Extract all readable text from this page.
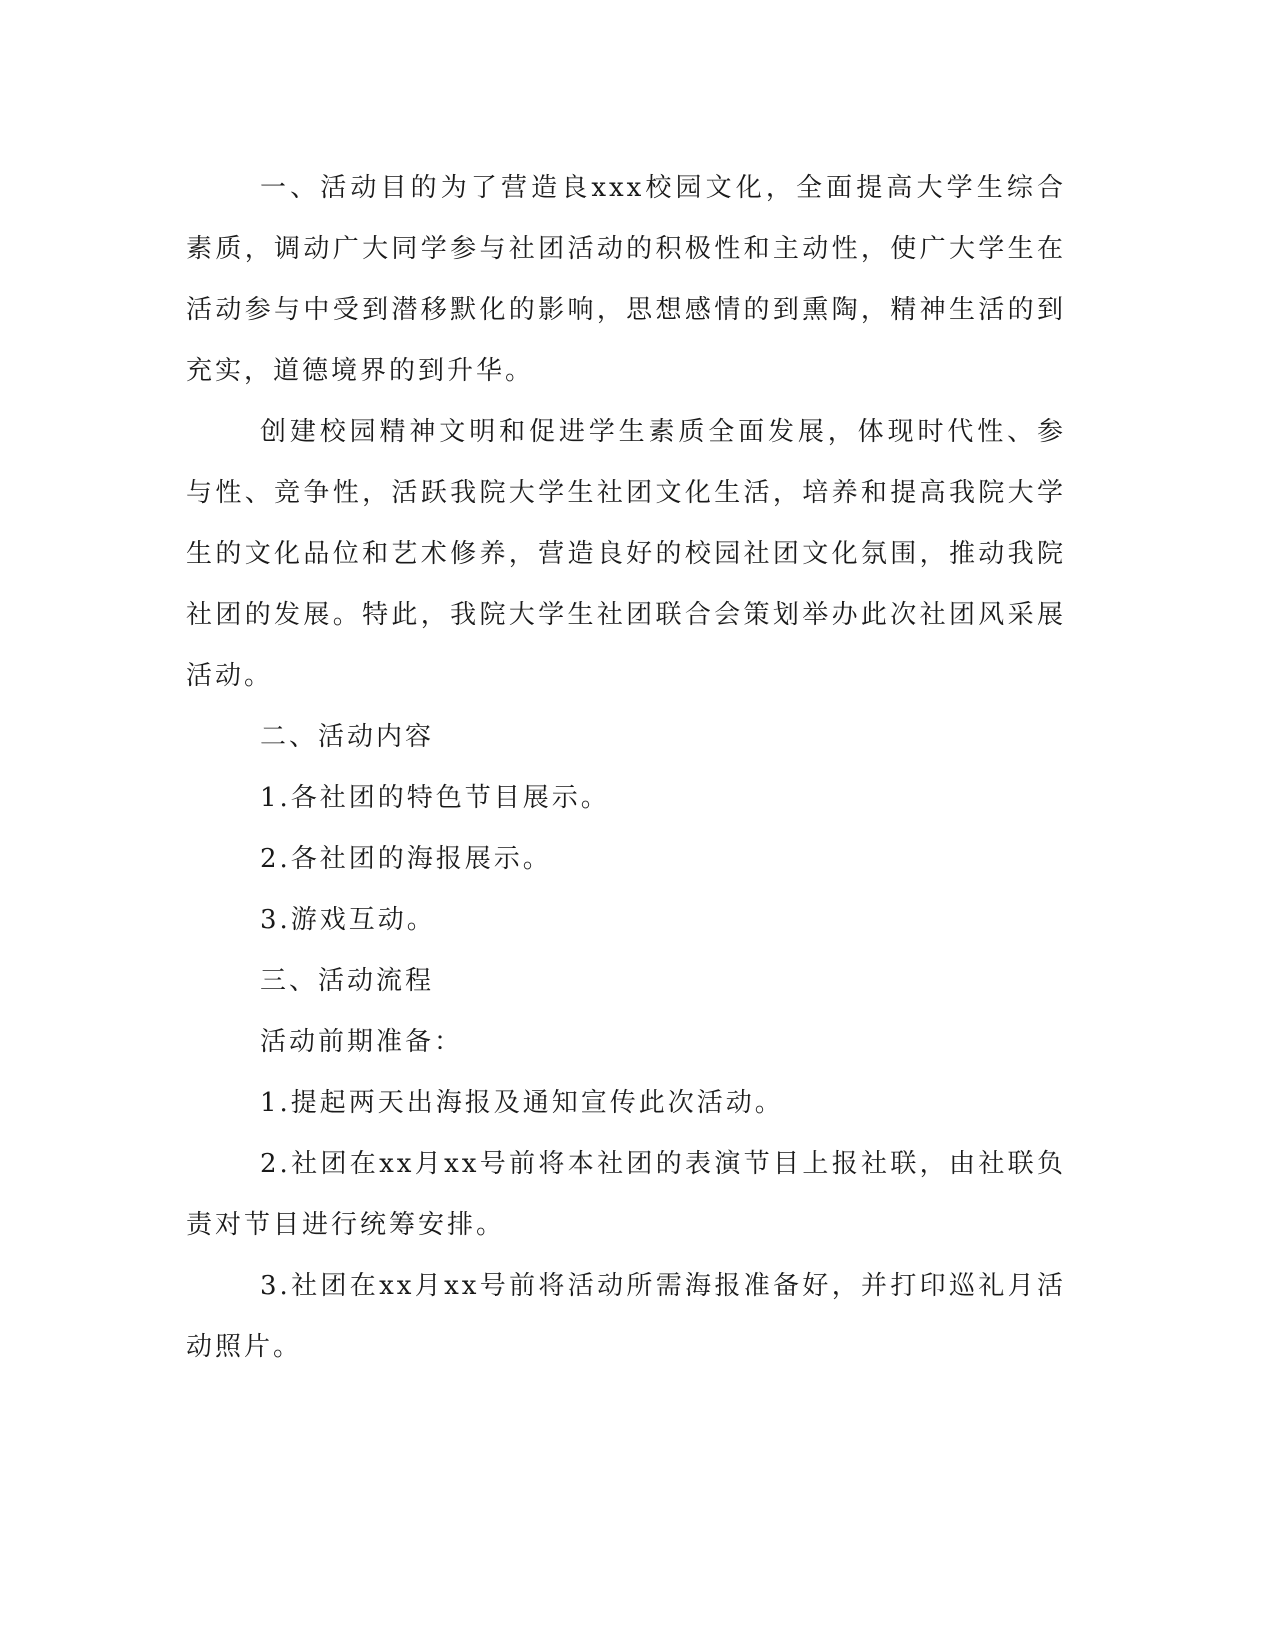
一、活动目的为了营造良xxx校园文化，全面提高大学生综合素质，调动广大同学参与社团活动的积极性和主动性，使广大学生在活动参与中受到潜移默化的影响，思想感情的到熏陶，精神生活的到充实，道德境界的到升华。

创建校园精神文明和促进学生素质全面发展，体现时代性、参与性、竞争性，活跃我院大学生社团文化生活，培养和提高我院大学生的文化品位和艺术修养，营造良好的校园社团文化氛围，推动我院社团的发展。特此，我院大学生社团联合会策划举办此次社团风采展活动。

二、活动内容

1.各社团的特色节目展示。

2.各社团的海报展示。

3.游戏互动。

三、活动流程

活动前期准备：

1.提起两天出海报及通知宣传此次活动。

2.社团在xx月xx号前将本社团的表演节目上报社联，由社联负责对节目进行统筹安排。

3.社团在xx月xx号前将活动所需海报准备好，并打印巡礼月活动照片。
